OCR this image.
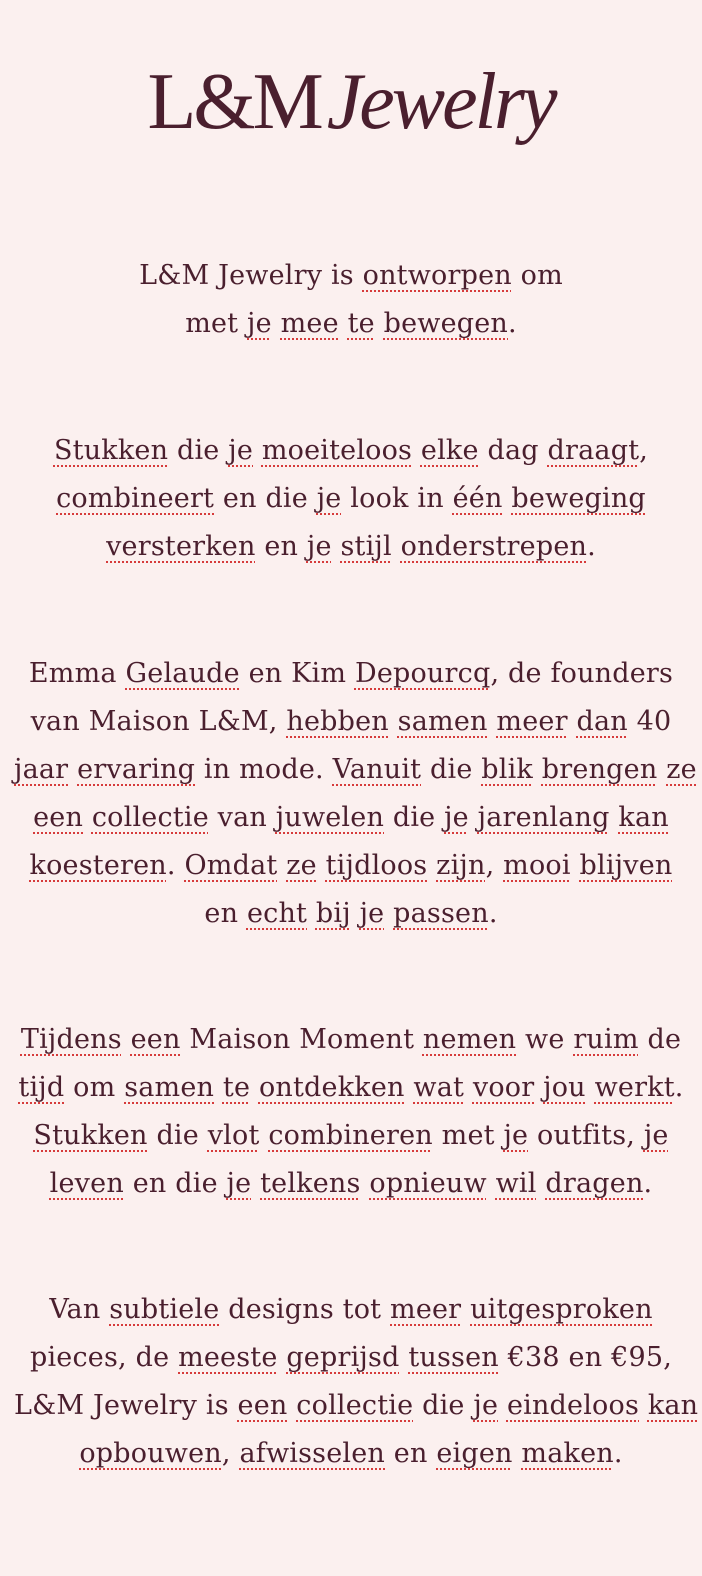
L&MJewelry

L&M Jewelry is ontworpen om
met je mee te bewegen.

Stukken die je moeiteloos elke dag draagt,
combineert en die je look in één beweging
versterken en je stijl onderstrepen.

Emma Gelaude en Kim Depourcq, de founders
van Maison L&M, hebben samen meer dan 40
jaar ervaring in mode. Vanuit die blik brengen ze
een collectie van juwelen die je jarenlang kan
koesteren. Omdat ze tijdloos zijn, mooi blijven
en echt bij je passen.

Tijdens een Maison Moment nemen we ruim de
tijd om samen te ontdekken wat voor jou werkt.
Stukken die vlot combineren met je outfits, je
leven en die je telkens opnieuw wil dragen.

Van subtiele designs tot meer uitgesproken
pieces, de meeste geprijsd tussen €38 en €95,
L&M Jewelry is een collectie die je eindeloos kan
opbouwen, afwisselen en eigen maken.
